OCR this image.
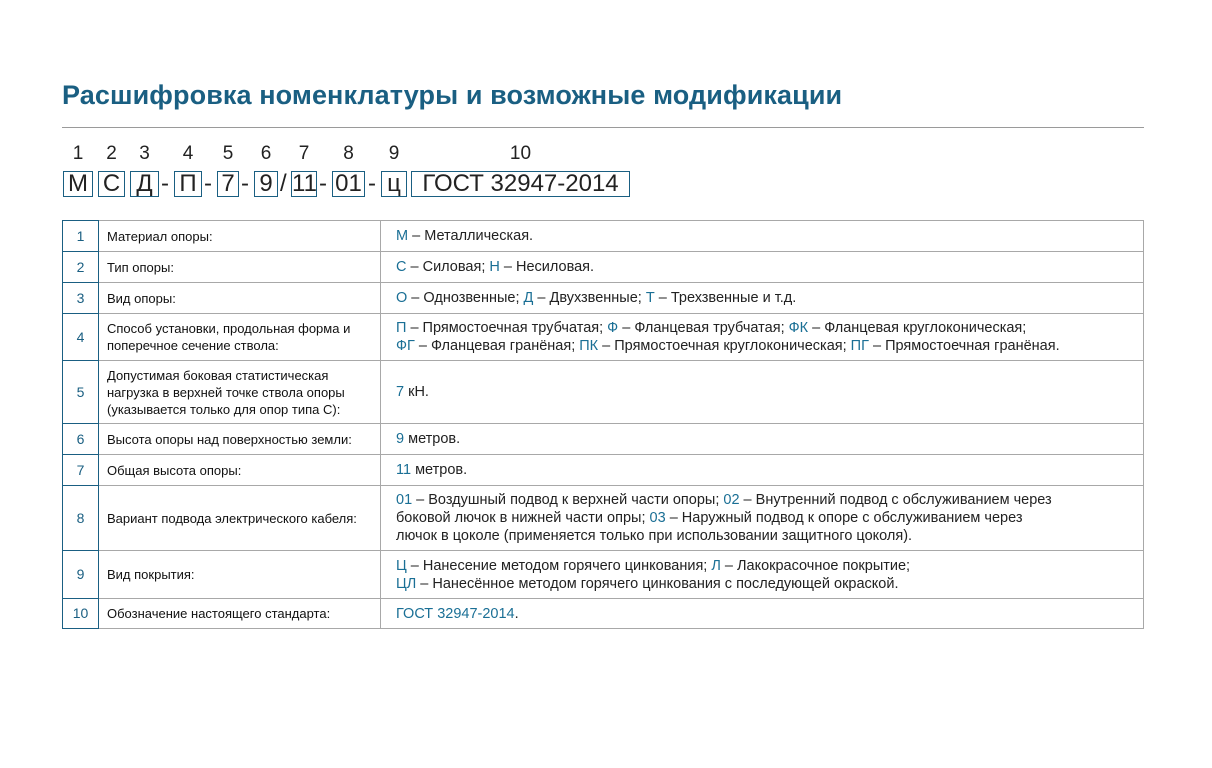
Расшифровка номенклатуры и возможные модификации
1
М
2
С
3
Д -
4
П -
5
7 -
6
9 /
7
11 -
8
01 -
9
ц
10
ГОСТ 32947-2014
1	Материал опоры:	М – Металлическая.

2	Тип опоры:	С – Силовая; Н – Несиловая.

3	Вид опоры:	О – Однозвенные; Д – Двухзвенные; Т – Трехзвенные и т.д.

4	Способ установки, продольная форма и поперечное сечение ствола:	П – Прямостоечная трубчатая; Ф – Фланцевая трубчатая; ФК – Фланцевая круглоконическая;
ФГ – Фланцевая гранёная; ПК – Прямостоечная круглоконическая; ПГ – Прямостоечная гранёная.

5	Допустимая боковая статистическая нагрузка в верхней точке ствола опоры (указывается только для опор типа С):	7 кН.

6	Высота опоры над поверхностью земли:	9 метров.

7	Общая высота опоры:	11 метров.

8	Вариант подвода электрического кабеля:	01 – Воздушный подвод к верхней части опоры; 02 – Внутренний подвод с обслуживанием через
боковой лючок в нижней части опры; 03 – Наружный подвод к опоре с обслуживанием через
лючок в цоколе (применяется только при использовании защитного цоколя).

9	Вид покрытия:	Ц – Нанесение методом горячего цинкования; Л – Лакокрасочное покрытие;
ЦЛ – Нанесённое методом горячего цинкования с последующей окраской.

10	Обозначение настоящего стандарта:	ГОСТ 32947-2014.
